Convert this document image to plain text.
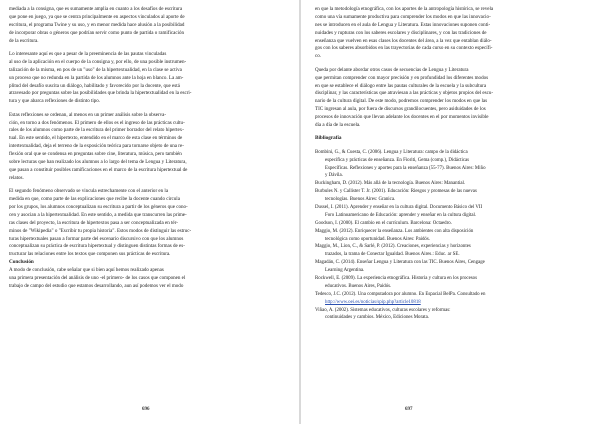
mediada a la consigna, que es sumamente amplia en cuanto a los desafíos de escritura
que pone en juego, ya que se centra principalmente en aspectos vinculados al aporte de
escritura, el programa Twine y su uso, y en menor medida hace alusión a la posibilidad
de incorporar obras o géneros que podrían servir como punto de partida o ramificación
de la escritura.
Lo interesante aquí es que a pesar de la preeminencia de las pautas vinculadas
al uso de la aplicación en el cuerpo de la consigna y, por ello, de una posible instrumen-
talización de la misma, en pos de un "uso" de la hipertextualidad, en la clase se activa
un proceso que no redunda en la partida de los alumnos ante la hoja en blanco. La am-
plitud del desafío suscita un diálogo, habilitado y favorecido por la docente, que está
atravesado por preguntas sobre las posibilidades que brinda la hipertextualidad en la escri-
tura y que abarca reflexiones de distinto tipo.
Estas reflexiones se ordenan, al menos en un primer análisis sobre la observa-
ción, en torno a dos fenómenos. El primero de ellos es el ingreso de las prácticas cultu-
rales de los alumnos como parte de la escritura del primer borrador del relato hipertex-
tual. En este sentido, el hipertexto, entendido en el marco de esta clase en términos de
intertextualidad, deja el terreno de la exposición teórica para tornarse objeto de una re-
flexión oral que se condensa en preguntas sobre cine, literatura, música, pero también
sobre lecturas que han realizado los alumnos a lo largo del tema de Lengua y Literatura,
que pasan a constituir posibles ramificaciones en el marco de la escritura hipertextual de
relatos.
El segundo fenómeno observado se vincula estrechamente con el anterior en la
medida en que, como parte de las explicaciones que recibe la docente cuando circula
por los grupos, los alumnos conceptualizan su escritura a partir de los géneros que cono-
cen y asocian a la hipertextualidad. En este sentido, a medida que transcurren las prime-
ras clases del proyecto, la escritura de hipertextos pasa a ser conceptualizada en tér-
minos de "Wikipedia" o "Escribir tu propia historia". Estos modos de distinguir las estruc-
turas hipertextuales pasan a formar parte del escenario discursivo con que los alumnos
conceptualizan su práctica de escritura hipertextual y distinguen distintas formas de es-
tructurar las relaciones entre los textos que componen sus prácticas de escritura.
Conclusión
A modo de conclusión, cabe señalar que si bien aquí hemos realizado apenas
una primera presentación del análisis de uno -el primero- de los casos que componen el
trabajo de campo del estudio que estamos desarrollando, aun así podemos ver el modo
696
en que la metodología etnográfica, con los aportes de la antropología histórica, se revela
como una vía sumamente productiva para comprender los modos en que las innovacio-
nes se introducen en el aula de Lengua y Literatura. Estas innovaciones suponen conti-
nuidades y rupturas con los saberes escolares y disciplinares, y con las tradiciones de
enseñanza que vuelven en esas clases los docentes del área, a la vez que entablan diálo-
gos con los saberes absorbidos en las trayectorias de cada curso en su contexto específi-
co.
Queda por delante abordar otros casos de secuencias de Lengua y Literatura
que permitan comprender con mayor precisión y en profundidad los diferentes modos
en que se establece el diálogo entre las pautas culturales de la escuela y la subcultura
disciplinar, y las características que atraviesan a las prácticas y objetos propios del escu-
nario de la cultura digital. De este modo, podremos comprender los modos en que las
TIC ingresan al aula, por fuera de discursos grandilocuentes, pero asiduidades de los
procesos de innovación que llevan adelante los docentes en el por momentos invisible
día a día de la escuela.
Bibliografía
Bombini, G., & Cuesta, C. (2006). Lengua y Literatura: campo de la didáctica
específica y prácticas de enseñanza. En Fioriti, Gema (comp.), Didácticas
Específicas. Reflexiones y aportes para la enseñanza (55-77). Buenos Aires: Miño
y Dávila.
Buckingham, D. (2012). Más allá de la tecnología. Buenos Aires: Manantial.
Burbules N. y Callister T. Jr. (2001). Educación: Riesgos y promesas de las nuevas
tecnologías. Buenos Aires: Granica.
Dussel, I. (2011). Aprender y enseñar en la cultura digital. Documento Básico del VII
Foro Latinoamericano de Educación: aprender y enseñar en la cultura digital.
Goodson, I. (2000). El cambio en el currículum. Barcelona: Octaedro.
Maggio, M. (2012). Enriquecer la enseñanza. Los ambientes con alta disposición
tecnológica como oportunidad. Buenos Aires: Paidós.
Maggio, M., Lion, C., & Sarlé, P. (2012). Creaciones, experiencias y horizontes
trazados, la trama de Conectar Igualdad. Buenos Aires.: Educ. ar SE.
Magadán, C. (2014). Enseñar Lengua y Literatura con las TIC. Buenos Aires, Cengage
Learning Argentina.
Rockwell, E. (2009). La experiencia etnográfica. Historia y cultura en los procesos
educativos. Buenos Aires, Paidós.
Tedesco, J.C. (2012). Una computadora por alumno. En Espacial BelPa. Consultado en
http://www.oei.es/noticias/spip.php?article10818
Viñao, A. (2002). Sistemas educativos, culturas escolares y reformas:
continuidades y cambios. México, Ediciones Morata.
697
